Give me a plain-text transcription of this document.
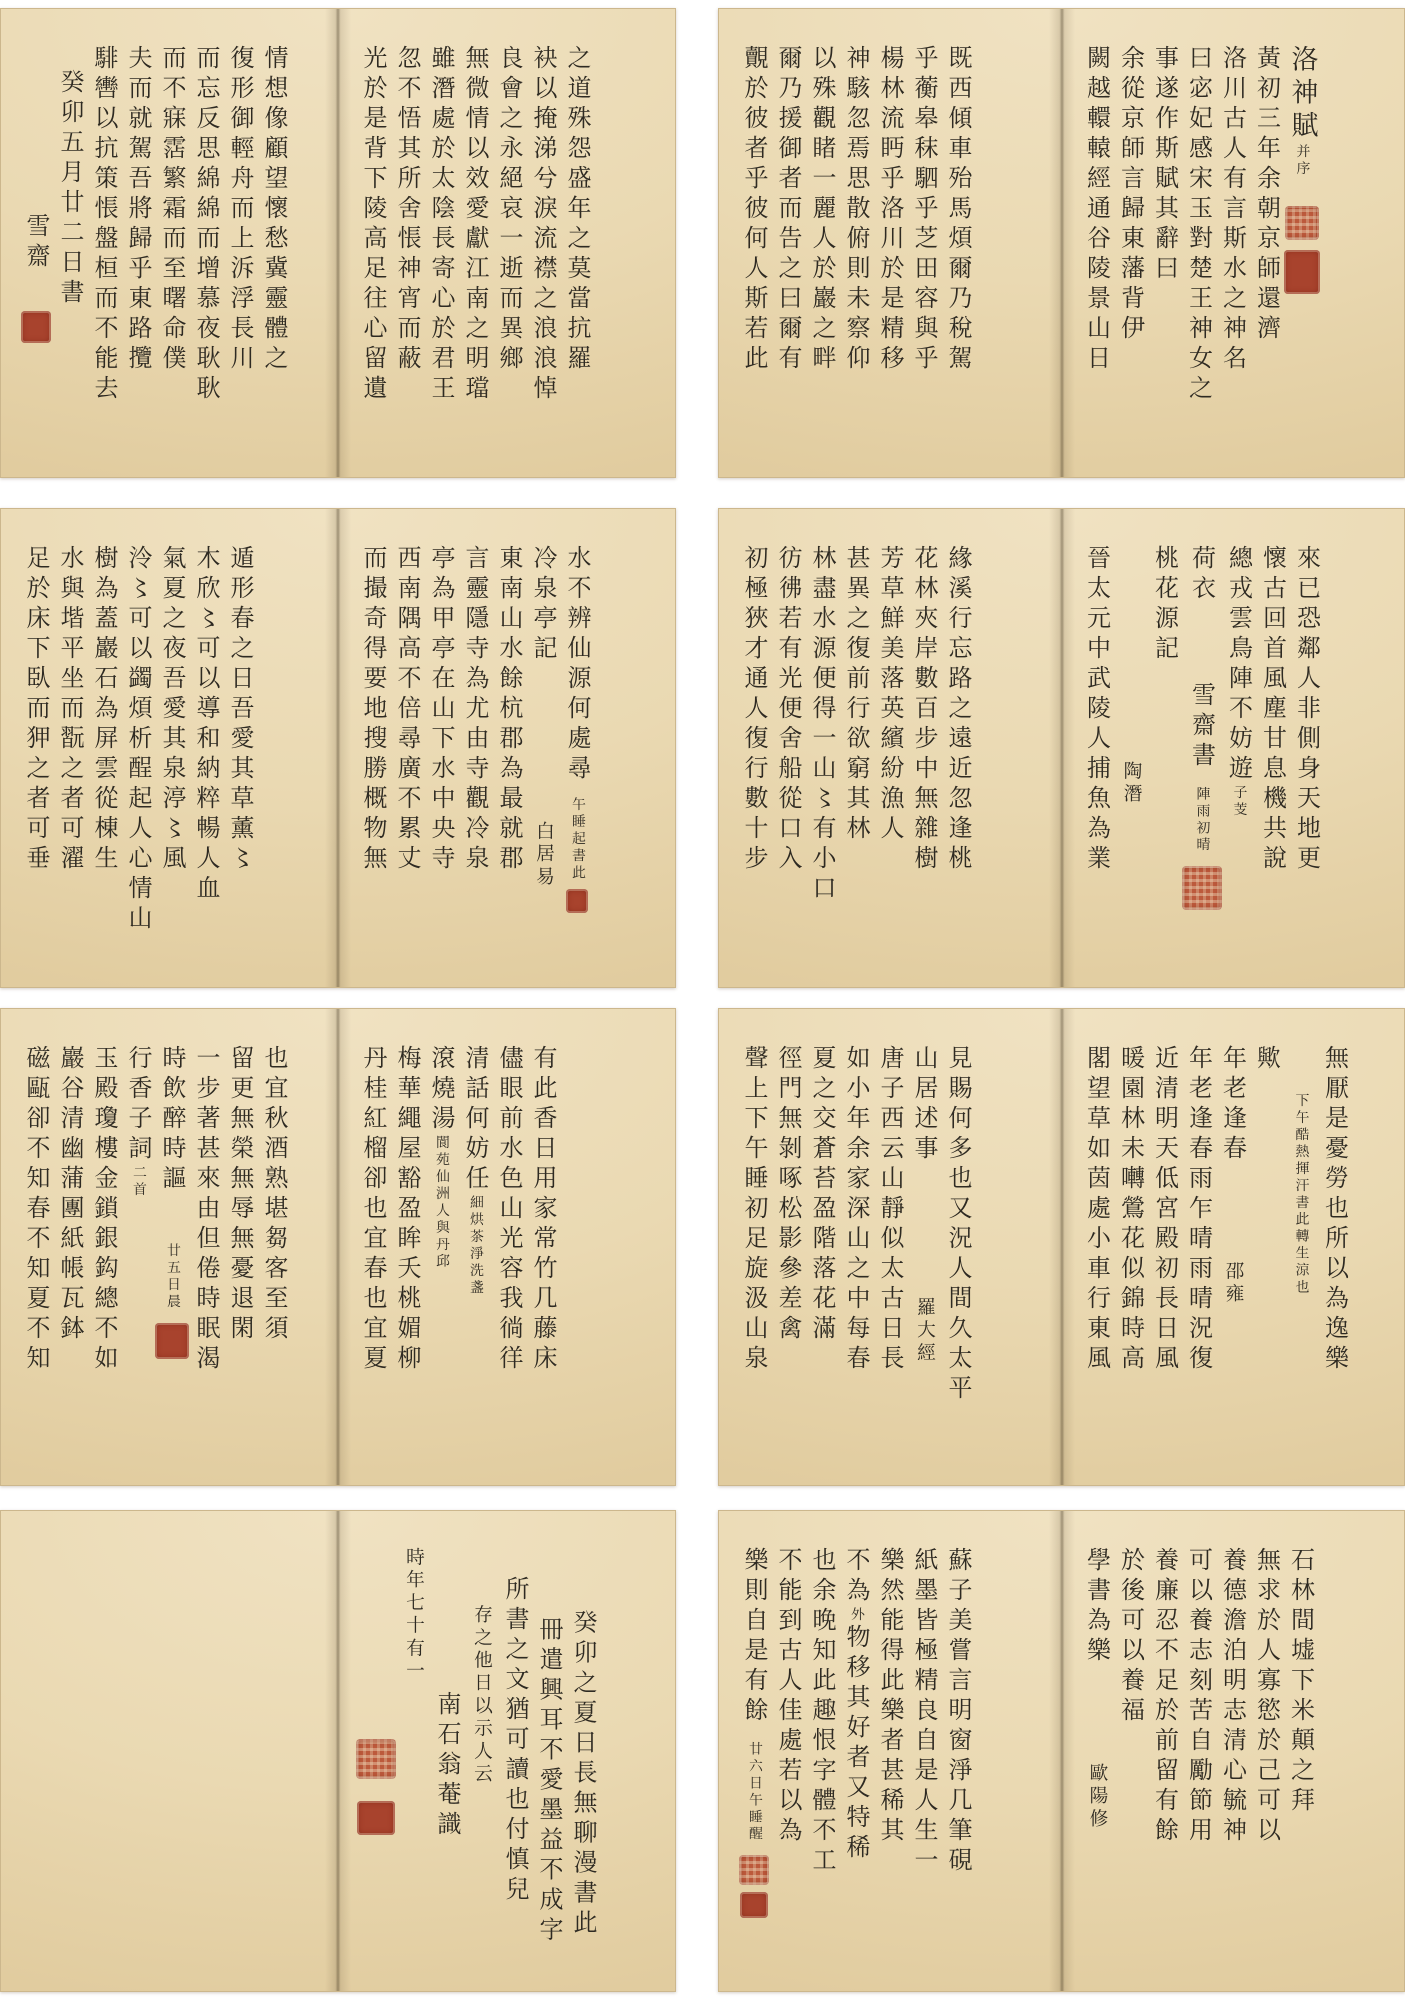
洛神賦并序
黃初三年余朝京師還濟
洛川古人有言斯水之神名
曰宓妃感宋玉對楚王神女之
事遂作斯賦其辭曰
余從京師言歸東藩背伊
闕越轘轅經通谷陵景山日
既西傾車殆馬煩爾乃稅駕
乎蘅皋秣駟乎芝田容與乎
楊林流眄乎洛川於是精移
神駭忽焉思散俯則未察仰
以殊觀睹一麗人於巖之畔
爾乃援御者而告之曰爾有
覿於彼者乎彼何人斯若此
之道殊怨盛年之莫當抗羅
袂以掩涕兮淚流襟之浪浪悼
良會之永絕哀一逝而異鄉
無微情以效愛獻江南之明璫
雖潛處於太陰長寄心於君王
忽不悟其所舍悵神宵而蔽
光於是背下陵高足往心留遺
情想像顧望懷愁冀靈體之
復形御輕舟而上泝浮長川
而忘反思綿綿而增慕夜耿耿
而不寐霑繁霜而至曙命僕
夫而就駕吾將歸乎東路攬
騑轡以抗策悵盤桓而不能去
癸卯五月廿二日書
雪齋
來已恐鄰人非側身天地更
懷古回首風塵甘息機共說
總戎雲鳥陣不妨遊子芰
荷衣雪齋書陣雨初晴
桃花源記
陶潛
晉太元中武陵人捕魚為業
緣溪行忘路之遠近忽逢桃
花林夾岸數百步中無雜樹
芳草鮮美落英繽紛漁人
甚異之復前行欲窮其林
林盡水源便得一山〻有小口
彷彿若有光便舍船從口入
初極狹才通人復行數十步
水不辨仙源何處尋午睡起書此
冷泉亭記白居易
東南山水餘杭郡為最就郡
言靈隱寺為尤由寺觀冷泉
亭為甲亭在山下水中央寺
西南隅高不倍尋廣不累丈
而撮奇得要地搜勝概物無
遁形春之日吾愛其草薰〻
木欣〻可以導和納粹暢人血
氣夏之夜吾愛其泉渟〻風
泠〻可以蠲煩析酲起人心情山
樹為蓋巖石為屏雲從棟生
水與堦平坐而翫之者可濯
足於床下臥而狎之者可垂
無厭是憂勞也所以為逸樂
下午酷熱揮汗書此轉生涼也
歟
年老逢春邵雍
年老逢春雨乍晴雨晴況復
近清明天低宮殿初長日風
暖園林未囀鶯花似錦時高
閣望草如茵處小車行東風
見賜何多也又況人間久太平
山居述事羅大經
唐子西云山靜似太古日長
如小年余家深山之中每春
夏之交蒼苔盈階落花滿
徑門無剝啄松影參差禽
聲上下午睡初足旋汲山泉
有此香日用家常竹几藤床
儘眼前水色山光容我徜徉
清話何妨任細烘茶淨洗盞
滾燒湯閬苑仙洲人與丹邱
梅華繩屋豁盈眸夭桃媚柳
丹桂紅榴卻也宜春也宜夏
也宜秋酒熟堪芻客至須
留更無榮無辱無憂退閑
一步著甚來由但倦時眠渴
時飲醉時謳廿五日晨
行香子詞二首
玉殿瓊樓金鎖銀鈎總不如
巖谷清幽蒲團紙帳瓦鉢
磁甌卻不知春不知夏不知
石林間墟下米顛之拜
無求於人寡慾於己可以
養德澹泊明志清心毓神
可以養志刻苦自勵節用
養廉忍不足於前留有餘
於後可以養福
學書為樂歐陽修
蘇子美嘗言明窗淨几筆硯
紙墨皆極精良自是人生一
樂然能得此樂者甚稀其
不為外物移其好者又特稀
也余晚知此趣恨字體不工
不能到古人佳處若以為
樂則自是有餘廿六日午睡醒
癸卯之夏日長無聊漫書此
冊遣興耳不愛墨益不成字
所書之文猶可讀也付慎兒
存之他日以示人云
南石翁菴識時年七十有一
